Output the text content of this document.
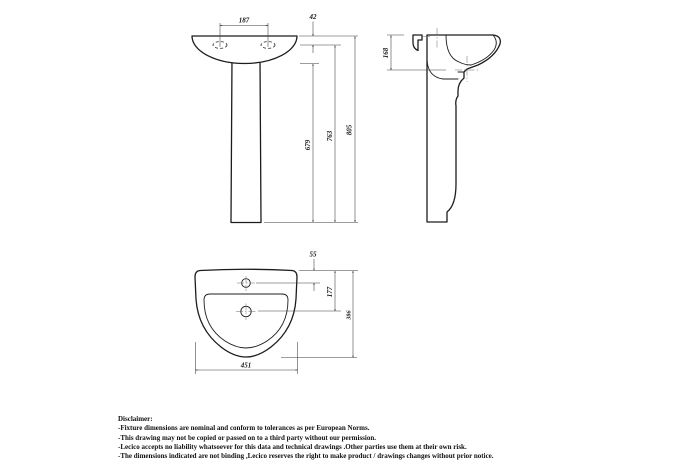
187	42
679
763
805
168
55
177
386
451
Disclaimer:
-Fixture dimensions are nominal and conform to tolerances as per European Norms.
-This drawing may not be copied or passed on to a third party without our permission.
-Lecico accepts no liability whatsoever for this data and technical drawings .Other parties use them at their own risk.
-The dimensions indicated are not binding ,Lecico reserves the right to make product / drawings changes without prior notice.
